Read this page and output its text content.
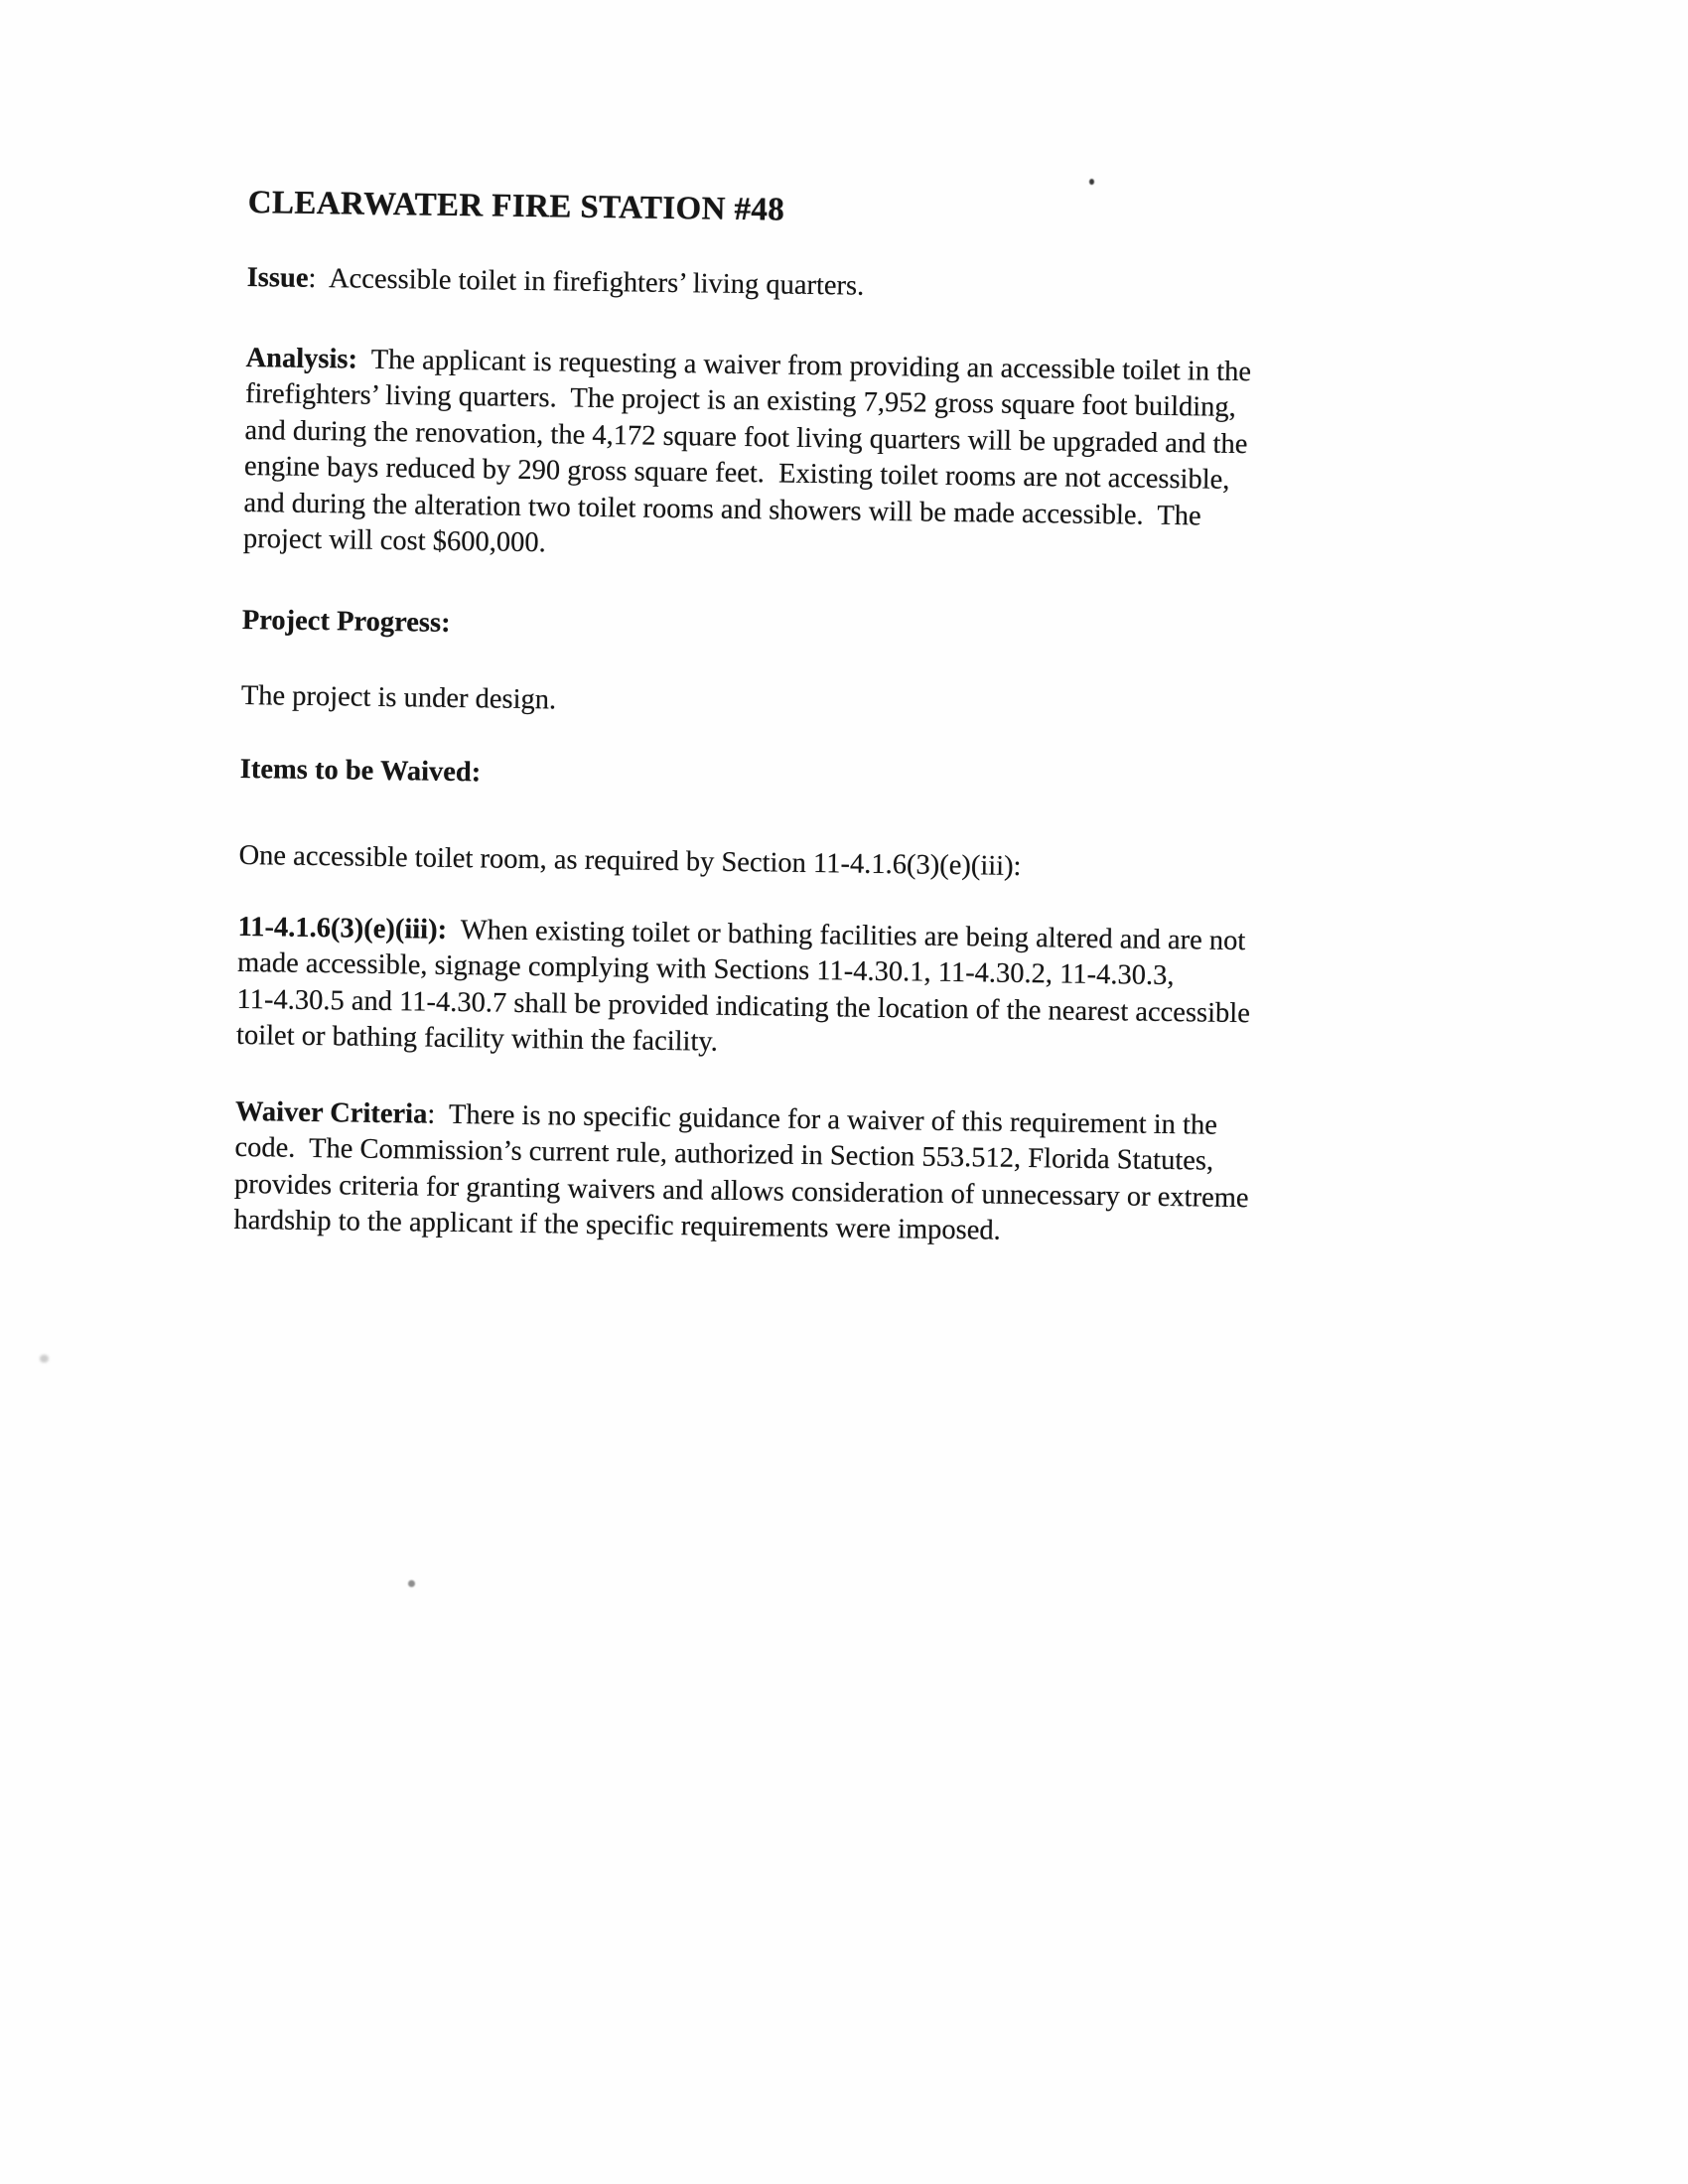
CLEARWATER FIRE STATION #48
Issue:  Accessible toilet in firefighters’ living quarters.
Analysis:  The applicant is requesting a waiver from providing an accessible toilet in the
firefighters’ living quarters.  The project is an existing 7,952 gross square foot building,
and during the renovation, the 4,172 square foot living quarters will be upgraded and the
engine bays reduced by 290 gross square feet.  Existing toilet rooms are not accessible,
and during the alteration two toilet rooms and showers will be made accessible.  The
project will cost $600,000.
Project Progress:
The project is under design.
Items to be Waived:
One accessible toilet room, as required by Section 11-4.1.6(3)(e)(iii):
11-4.1.6(3)(e)(iii):  When existing toilet or bathing facilities are being altered and are not
made accessible, signage complying with Sections 11-4.30.1, 11-4.30.2, 11-4.30.3,
11-4.30.5 and 11-4.30.7 shall be provided indicating the location of the nearest accessible
toilet or bathing facility within the facility.
Waiver Criteria:  There is no specific guidance for a waiver of this requirement in the
code.  The Commission’s current rule, authorized in Section 553.512, Florida Statutes,
provides criteria for granting waivers and allows consideration of unnecessary or extreme
hardship to the applicant if the specific requirements were imposed.
